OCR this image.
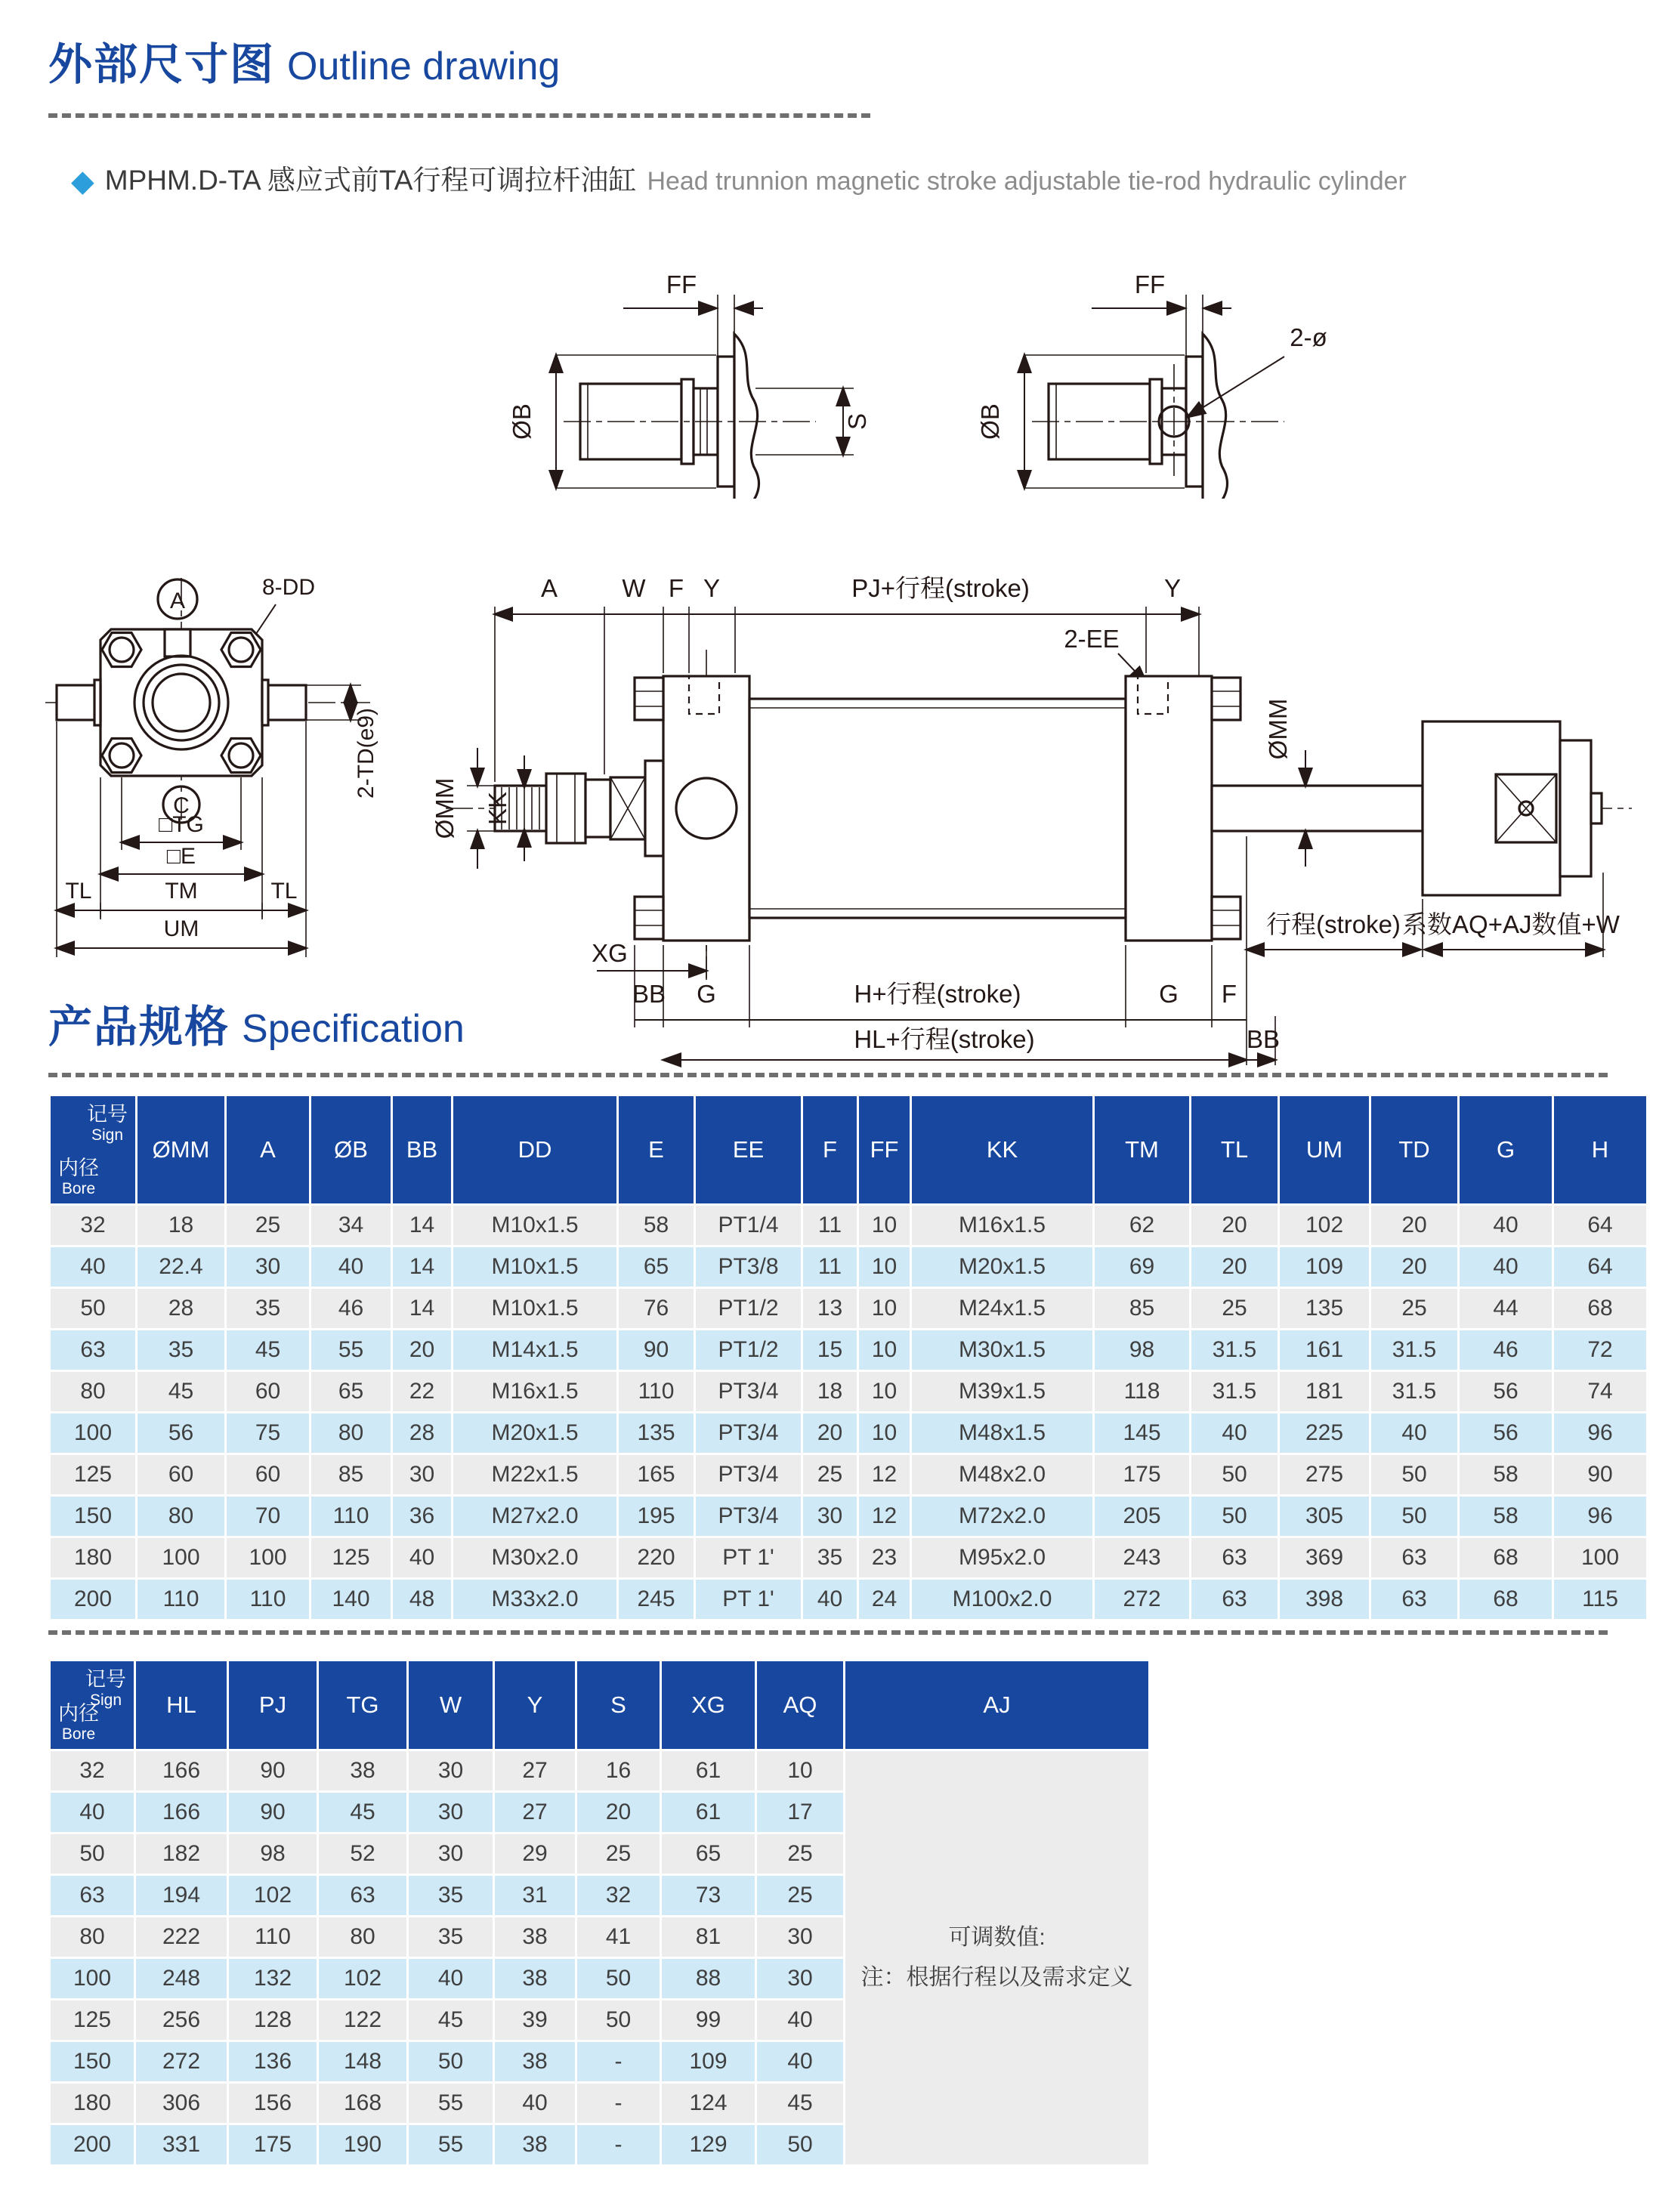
外部尺寸图 Outline drawing
◆ MPHM.D-TA 感应式前TA行程可调拉杆油缸 Head trunnion magnetic stroke adjustable tie-rod hydraulic cylinder
FF
ØB	S
FF
ØB
2-ø
A
8-DD
2-TD(e9)
C
□TG
□E
TL	TM	TL
UM
A	W F Y	PJ+行程(stroke)	Y
2-EE
ØMM KK
ØMM
行程(stroke) 系数AQ+AJ数值+W
XG
BB G	H+行程(stroke)	G F
HL+行程(stroke)	BB
产品规格 Specification
记号
Sign
内径
Bore	ØMM	A	ØB	BB	DD	E	EE	F	FF	KK	TM	TL	UM	TD	G	H
32	18	25	34	14	M10x1.5	58	PT1/4	11	10	M16x1.5	62	20	102	20	40	64
40	22.4	30	40	14	M10x1.5	65	PT3/8	11	10	M20x1.5	69	20	109	20	40	64
50	28	35	46	14	M10x1.5	76	PT1/2	13	10	M24x1.5	85	25	135	25	44	68
63	35	45	55	20	M14x1.5	90	PT1/2	15	10	M30x1.5	98	31.5	161	31.5	46	72
80	45	60	65	22	M16x1.5	110	PT3/4	18	10	M39x1.5	118	31.5	181	31.5	56	74
100	56	75	80	28	M20x1.5	135	PT3/4	20	10	M48x1.5	145	40	225	40	56	96
125	60	60	85	30	M22x1.5	165	PT3/4	25	12	M48x2.0	175	50	275	50	58	90
150	80	70	110	36	M27x2.0	195	PT3/4	30	12	M72x2.0	205	50	305	50	58	96
180	100	100	125	40	M30x2.0	220	PT 1'	35	23	M95x2.0	243	63	369	63	68	100
200	110	110	140	48	M33x2.0	245	PT 1'	40	24	M100x2.0	272	63	398	63	68	115
记号
Sign
内径
Bore	HL	PJ	TG	W	Y	S	XG	AQ	AJ
32	166	90	38	30	27	16	61	10	可调数值:
注：根据行程以及需求定义

40	166	90	45	30	27	20	61	17	
50	182	98	52	30	29	25	65	25	
63	194	102	63	35	31	32	73	25	
80	222	110	80	35	38	41	81	30	
100	248	132	102	40	38	50	88	30	
125	256	128	122	45	39	50	99	40	
150	272	136	148	50	38	-	109	40	
180	306	156	168	55	40	-	124	45	
200	331	175	190	55	38	-	129	50	
